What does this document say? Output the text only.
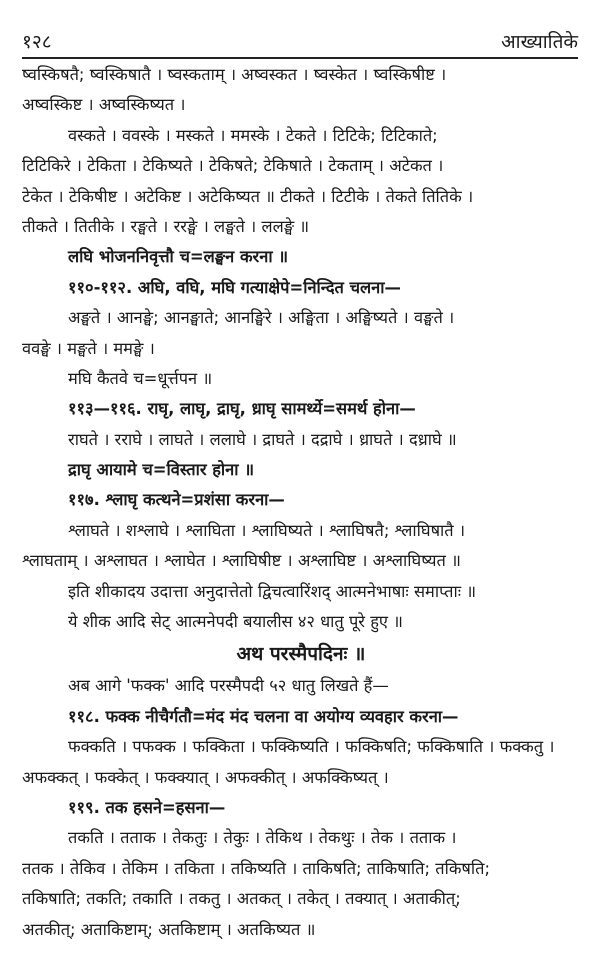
१२८	आख्यातिके
ष्वस्किषतै; ष्वस्किषातै । ष्वस्कताम् । अष्वस्कत । ष्वस्केत । ष्वस्किषीष्ट ।
अष्वस्किष्ट । अष्वस्किष्यत ।
वस्कते । ववस्के । मस्कते । ममस्के । टेकते । टिटिके; टिटिकाते;
टिटिकिरे । टेकिता । टेकिष्यते । टेकिषते; टेकिषाते । टेकताम् । अटेकत ।
टेकेत । टेकिषीष्ट । अटेकिष्ट । अटेकिष्यत ॥ टीकते । टिटीके । तेकते तितिके ।
तीकते । तितीके । रङ्घते । ररङ्घे । लङ्घते । ललङ्घे ॥
लघि भोजननिवृत्तौ च=लङ्घन करना ॥
११०-११२. अघि, वघि, मघि गत्याक्षेपे=निन्दित चलना—
अङ्घते । आनङ्घे; आनङ्घाते; आनङ्घिरे । अङ्घिता । अङ्घिष्यते । वङ्घते ।
ववङ्घे । मङ्घते । ममङ्घे ।
मघि कैतवे च=धूर्त्तपन ॥
११३—११६. राघृ, लाघृ, द्राघृ, ध्राघृ सामर्थ्ये=समर्थ होना—
राघते । रराघे । लाघते । ललाघे । द्राघते । दद्राघे । ध्राघते । दध्राघे ॥
द्राघृ आयामे च=विस्तार होना ॥
११७. श्लाघृ कत्थने=प्रशंसा करना—
श्लाघते । शश्लाघे । श्लाघिता । श्लाघिष्यते । श्लाघिषतै; श्लाघिषातै ।
श्लाघताम् । अश्लाघत । श्लाघेत । श्लाघिषीष्ट । अश्लाघिष्ट । अश्लाघिष्यत ॥
इति शीकादय उदात्ता अनुदात्तेतो द्विचत्वारिंशद् आत्मनेभाषाः समाप्ताः ॥
ये शीक आदि सेट् आत्मनेपदी बयालीस ४२ धातु पूरे हुए ॥
अथ परस्मैपदिनः ॥
अब आगे 'फक्क' आदि परस्मैपदी ५२ धातु लिखते हैं—
११८. फक्क नीचैर्गतौ=मंद मंद चलना वा अयोग्य व्यवहार करना—
फक्कति । पफक्क । फक्किता । फक्किष्यति । फक्किषति; फक्किषाति । फक्कतु ।
अफक्कत् । फक्केत् । फक्क्यात् । अफक्कीत् । अफक्किष्यत् ।
११९. तक हसने=हसना—
तकति । तताक । तेकतुः । तेकुः । तेकिथ । तेकथुः । तेक । तताक ।
ततक । तेकिव । तेकिम । तकिता । तकिष्यति । ताकिषति; ताकिषाति; तकिषति;
तकिषाति; तकति; तकाति । तकतु । अतकत् । तकेत् । तक्यात् । अताकीत्;
अतकीत्; अताकिष्टाम्; अतकिष्टाम् । अतकिष्यत ॥
